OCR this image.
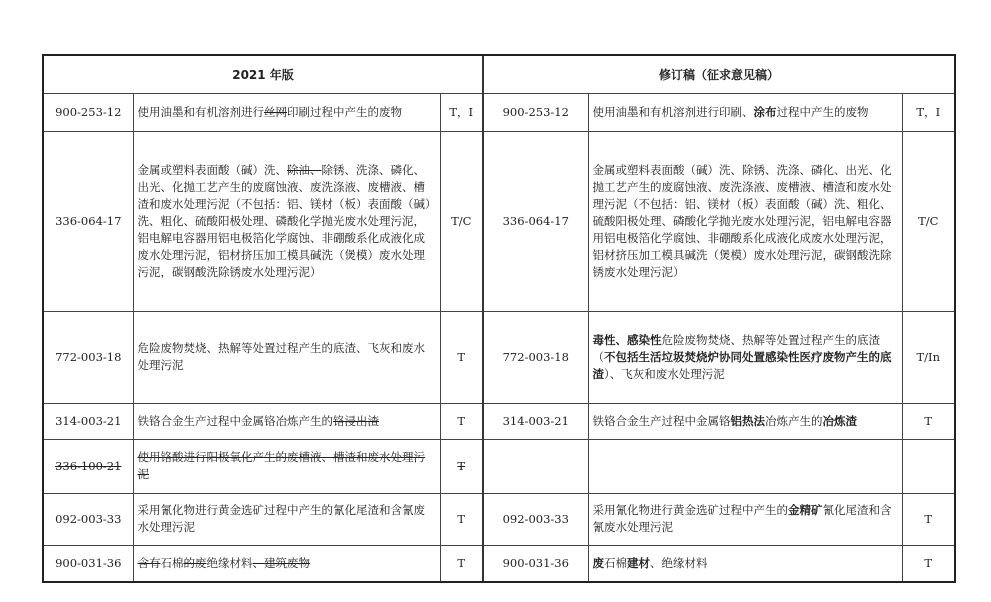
2021 年版			修订稿（征求意见稿）		
900-253-12	使用油墨和有机溶剂进行丝网印刷过程中产生的废物	T，I	900-253-12	使用油墨和有机溶剂进行印刷、涂布过程中产生的废物	T，I
336-064-17	金属或塑料表面酸（碱）洗、除油、除锈、洗涤、磷化、出光、化抛工艺产生的废腐蚀液、废洗涤液、废槽液、槽渣和废水处理污泥（不包括：铝、镁材（板）表面酸（碱）洗、粗化、硫酸阳极处理、磷酸化学抛光废水处理污泥，铝电解电容器用铝电极箔化学腐蚀、非硼酸系化成液化成废水处理污泥，铝材挤压加工模具碱洗（煲模）废水处理污泥，碳钢酸洗除锈废水处理污泥）	T/C	336-064-17	金属或塑料表面酸（碱）洗、除锈、洗涤、磷化、出光、化抛工艺产生的废腐蚀液、废洗涤液、废槽液、槽渣和废水处理污泥（不包括：铝、镁材（板）表面酸（碱）洗、粗化、硫酸阳极处理、磷酸化学抛光废水处理污泥，铝电解电容器用铝电极箔化学腐蚀、非硼酸系化成液化成废水处理污泥，铝材挤压加工模具碱洗（煲模）废水处理污泥，碳钢酸洗除锈废水处理污泥）	T/C
772-003-18	危险废物焚烧、热解等处置过程产生的底渣、飞灰和废水处理污泥	T	772-003-18	毒性、感染性危险废物焚烧、热解等处置过程产生的底渣（不包括生活垃圾焚烧炉协同处置感染性医疗废物产生的底渣）、飞灰和废水处理污泥	T/In
314-003-21	铁铬合金生产过程中金属铬冶炼产生的铬浸出渣	T	314-003-21	铁铬合金生产过程中金属铬铝热法冶炼产生的冶炼渣	T
336-100-21	使用铬酸进行阳极氧化产生的废槽液、槽渣和废水处理污泥	T			
092-003-33	采用氰化物进行黄金选矿过程中产生的氰化尾渣和含氰废水处理污泥	T	092-003-33	采用氰化物进行黄金选矿过程中产生的金精矿氰化尾渣和含氰废水处理污泥	T
900-031-36	含有石棉的废绝缘材料、建筑废物	T	900-031-36	废石棉建材、绝缘材料	T
